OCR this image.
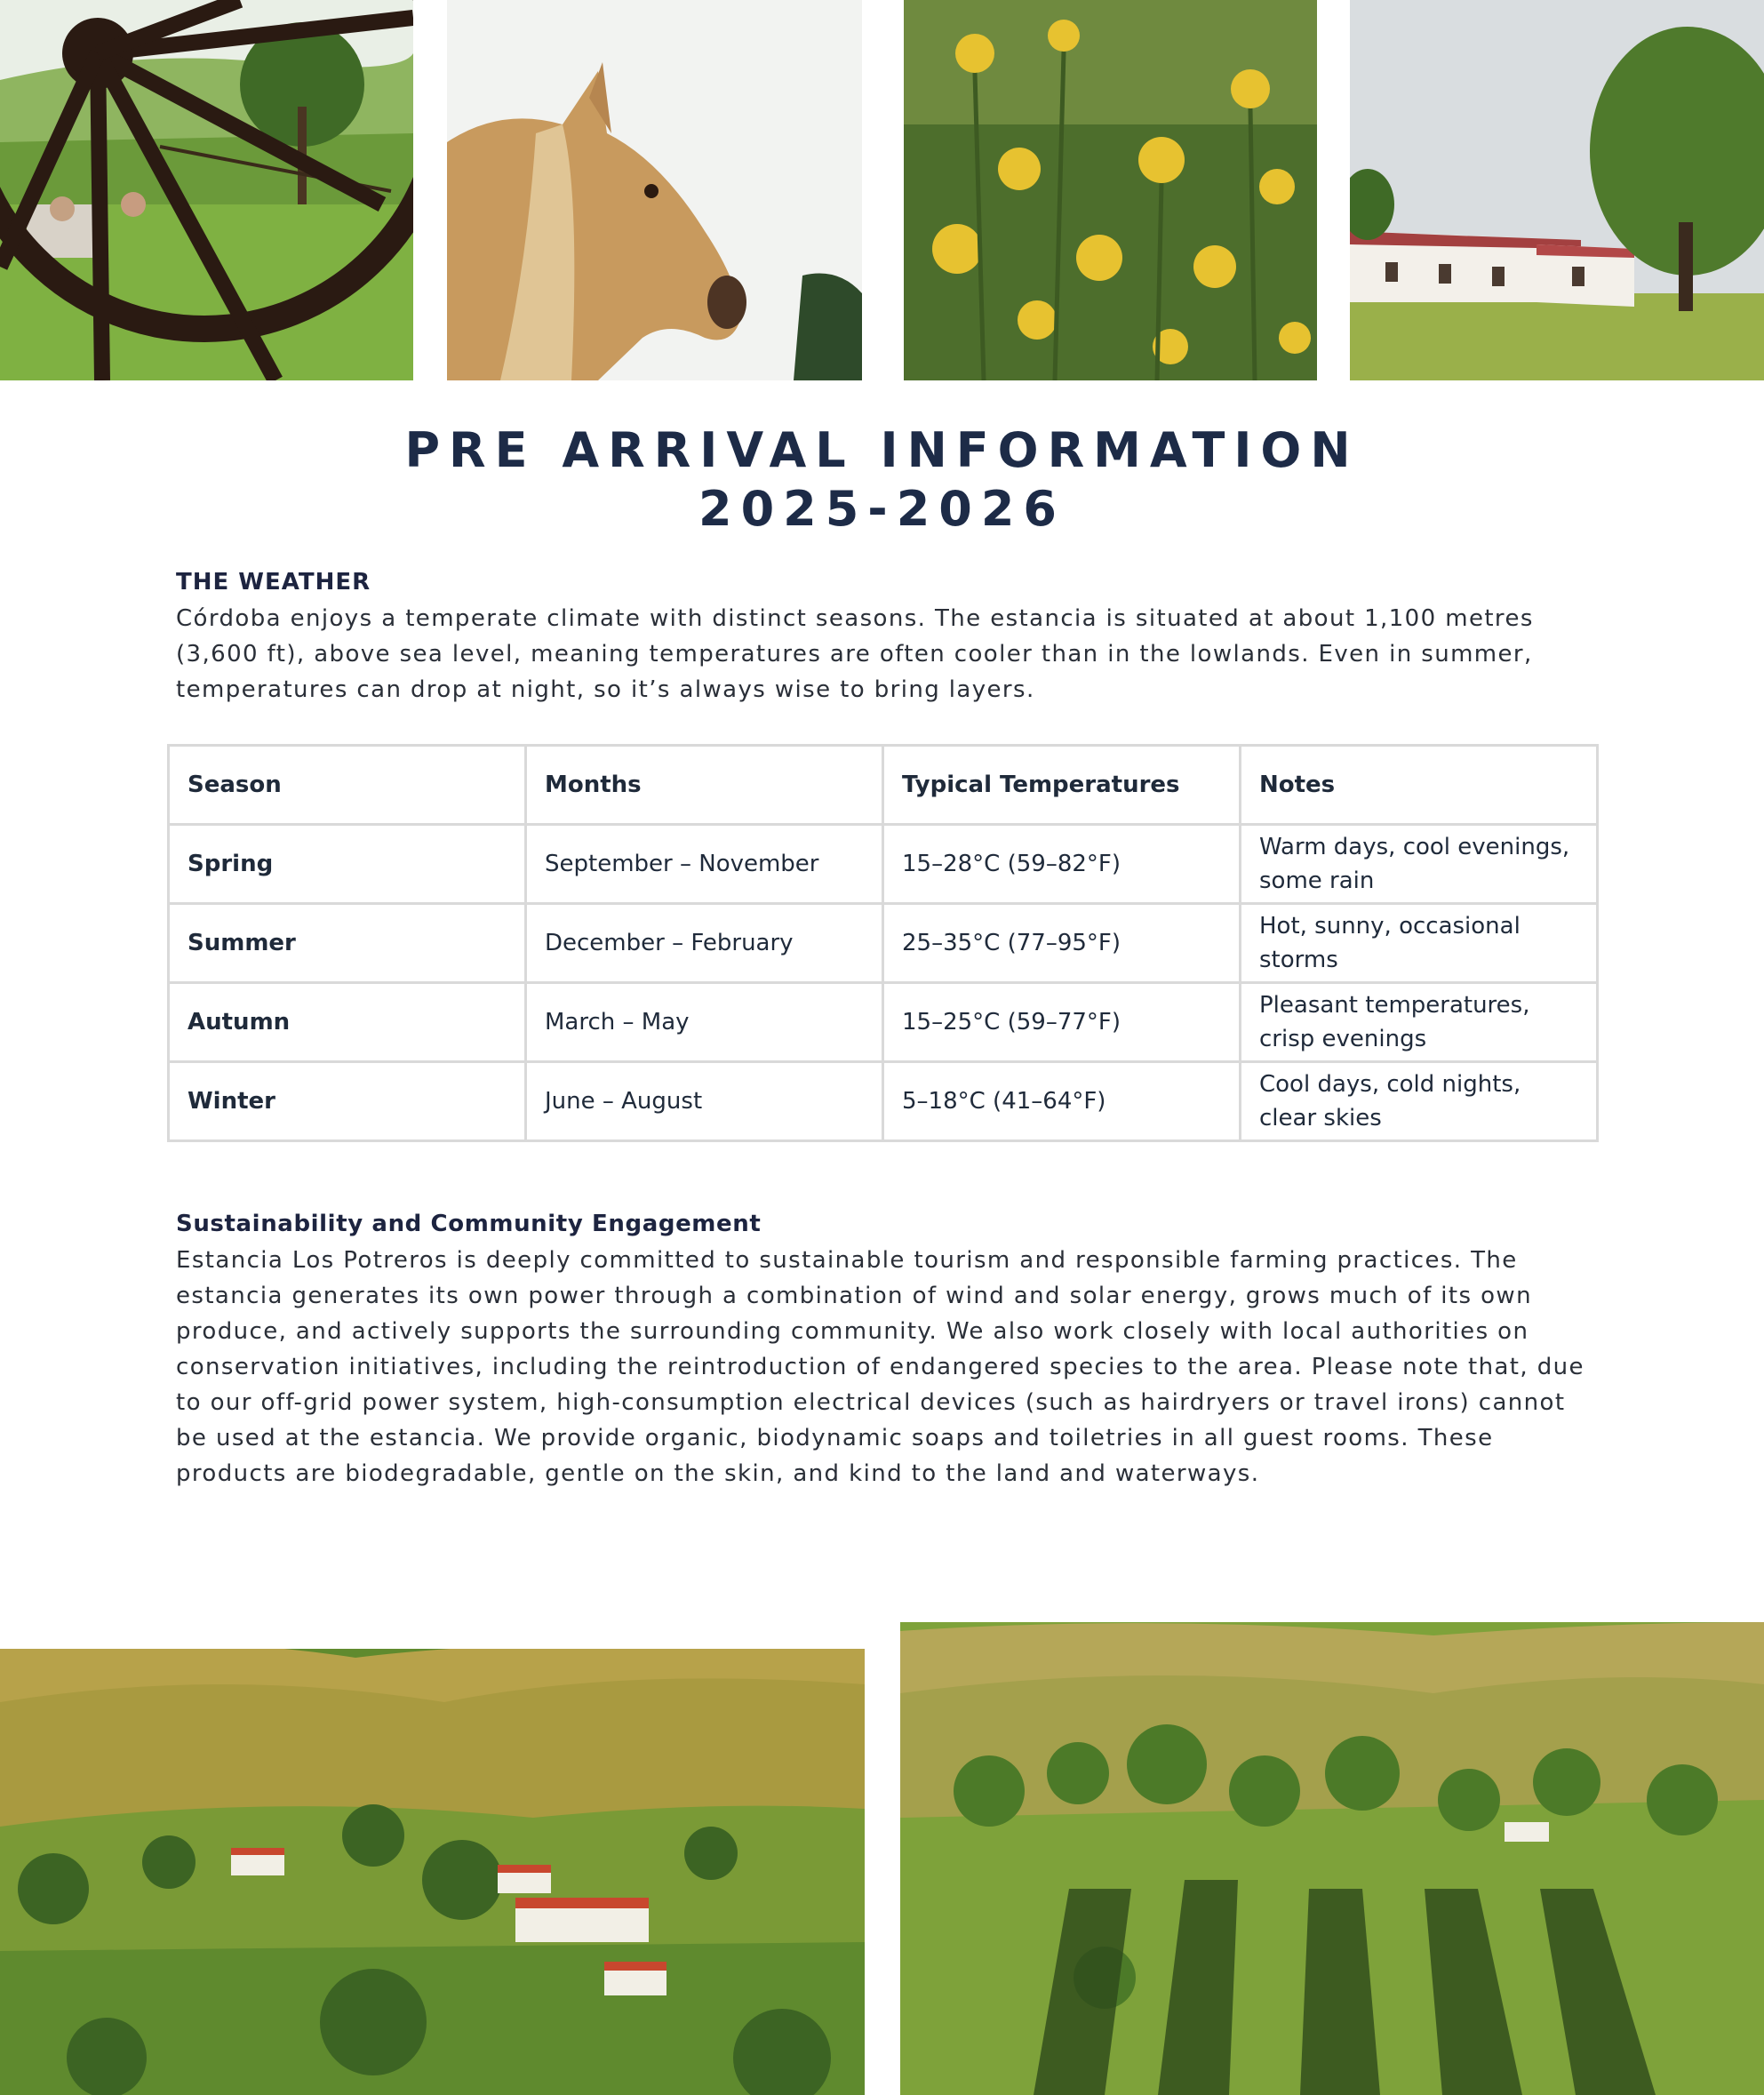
PRE ARRIVAL INFORMATION
2025-2026
THE WEATHER
Córdoba enjoys a temperate climate with distinct seasons. The estancia is situated at about 1,100 metres (3,600 ft), above sea level, meaning temperatures are often cooler than in the lowlands. Even in summer, temperatures can drop at night, so it’s always wise to bring layers.
Season	Months	Typical Temperatures	Notes
Spring	September – November	15–28°C (59–82°F)	Warm days, cool evenings, some rain
Summer	December – February	25–35°C (77–95°F)	Hot, sunny, occasional storms
Autumn	March – May	15–25°C (59–77°F)	Pleasant temperatures, crisp evenings
Winter	June – August	5–18°C (41–64°F)	Cool days, cold nights, clear skies
Sustainability and Community Engagement
Estancia Los Potreros is deeply committed to sustainable tourism and responsible farming practices. The estancia generates its own power through a combination of wind and solar energy, grows much of its own produce, and actively supports the surrounding community. We also work closely with local authorities on conservation initiatives, including the reintroduction of endangered species to the area. Please note that, due to our off-grid power system, high-consumption electrical devices (such as hairdryers or travel irons) cannot be used at the estancia. We provide organic, biodynamic soaps and toiletries in all guest rooms. These products are biodegradable, gentle on the skin, and kind to the land and waterways.
